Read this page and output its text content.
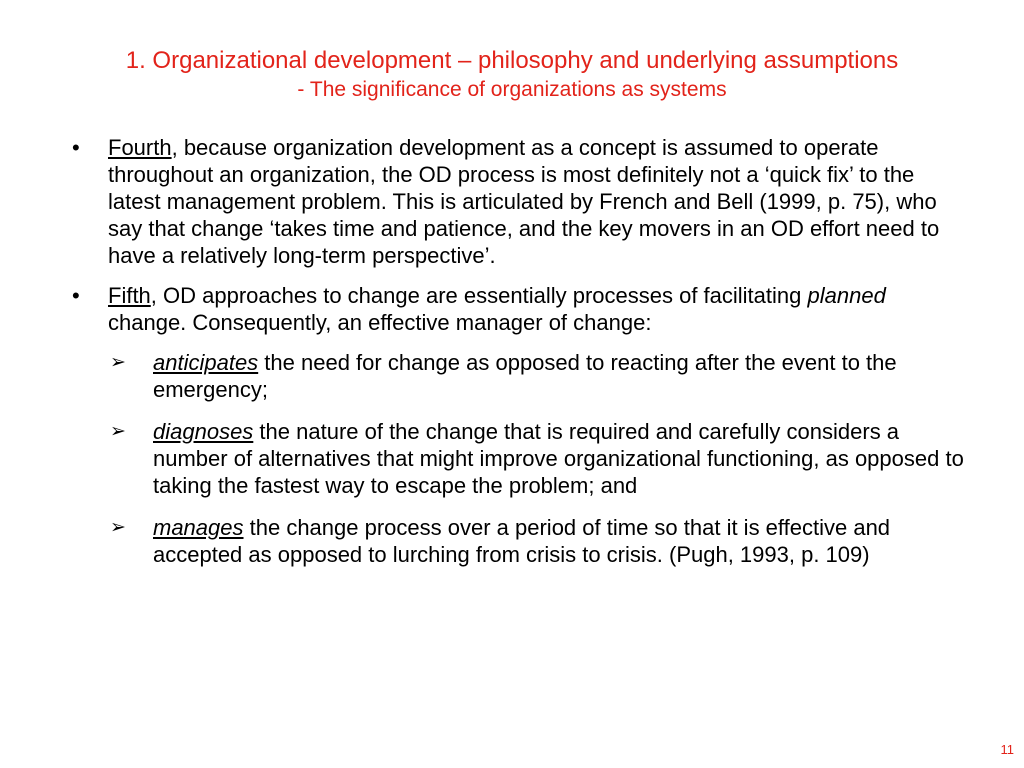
1. Organizational development – philosophy and underlying assumptions
- The significance of organizations as systems
• Fourth, because organization development as a concept is assumed to operate throughout an organization, the OD process is most definitely not a ‘quick fix’ to the latest management problem. This is articulated by French and Bell (1999, p. 75), who say that change ‘takes time and patience, and the key movers in an OD effort need to have a relatively long-term perspective’.
• Fifth, OD approaches to change are essentially processes of facilitating planned change. Consequently, an effective manager of change:
➢ anticipates the need for change as opposed to reacting after the event to the emergency;
➢ diagnoses the nature of the change that is required and carefully considers a number of alternatives that might improve organizational functioning, as opposed to taking the fastest way to escape the problem; and
➢ manages the change process over a period of time so that it is effective and accepted as opposed to lurching from crisis to crisis. (Pugh, 1993, p. 109)
11
